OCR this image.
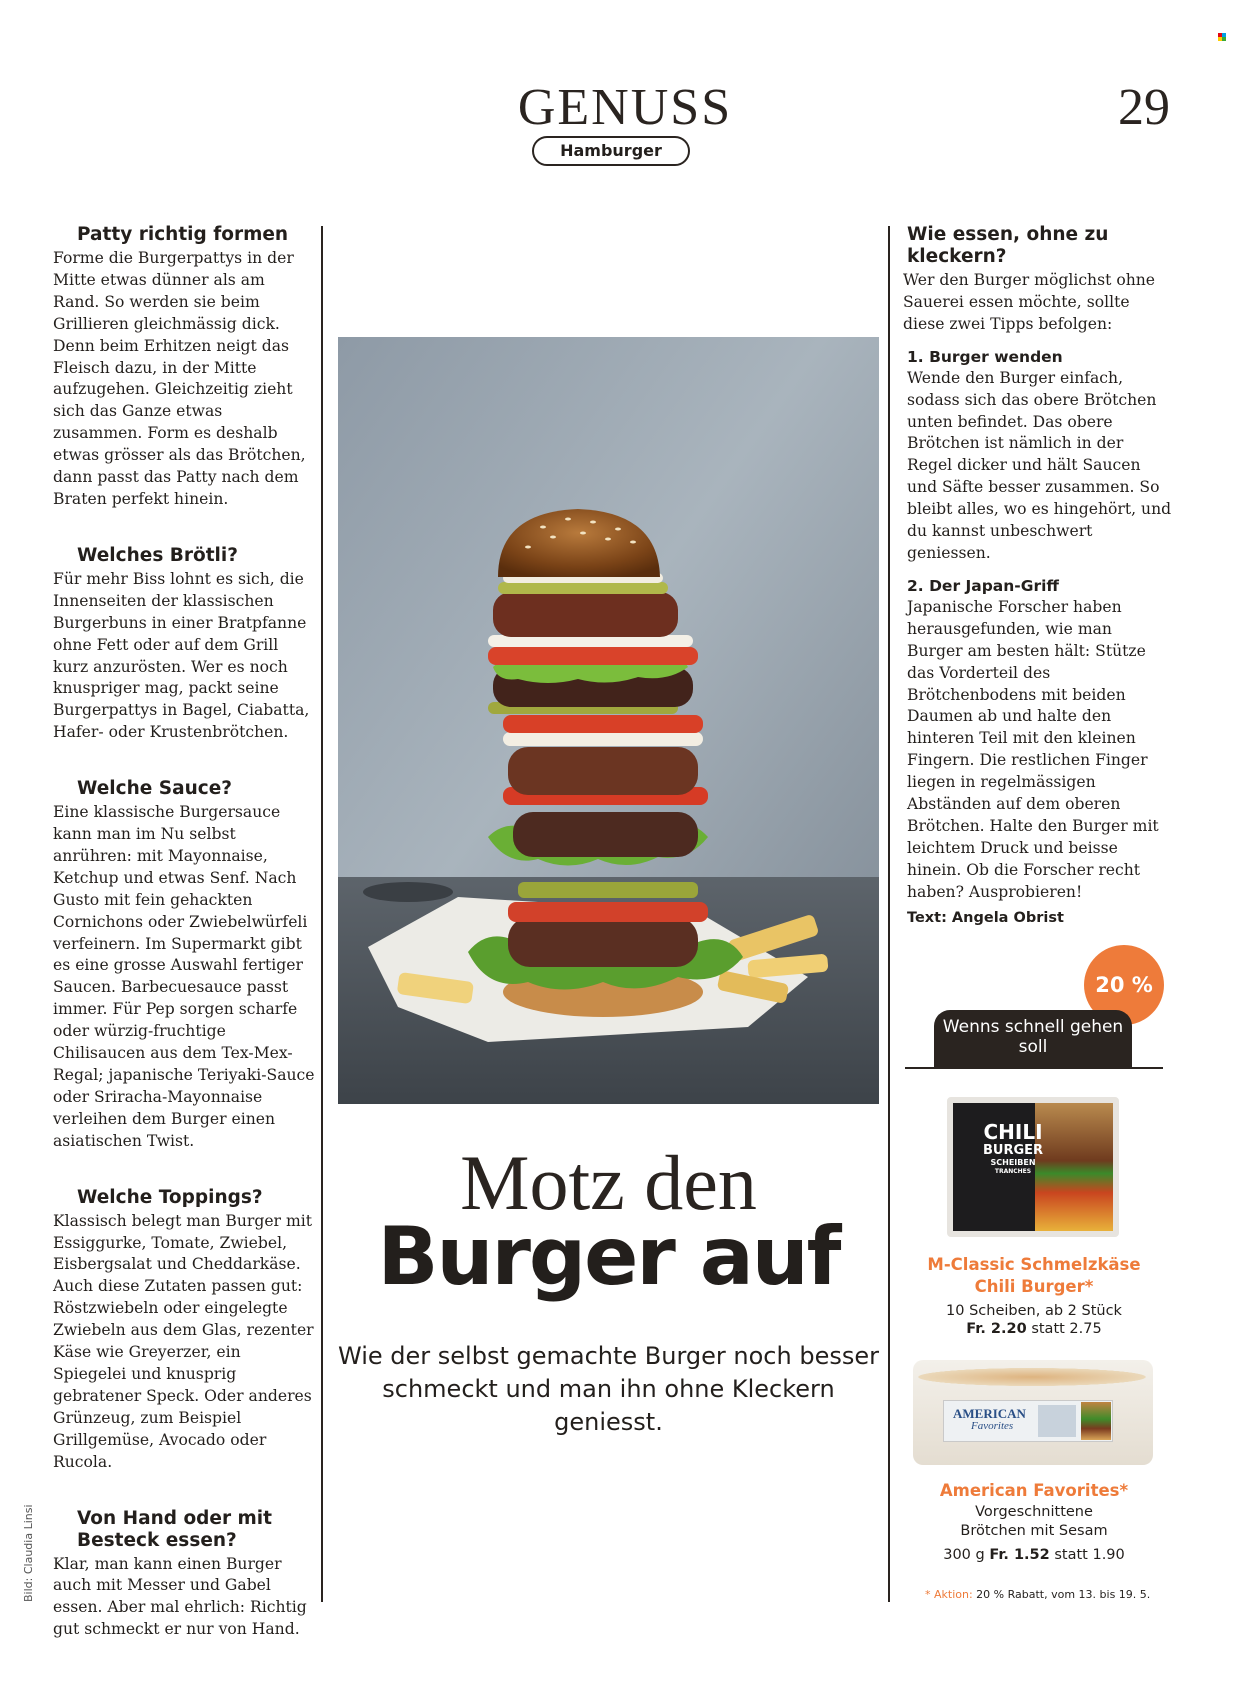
GENUSS
Hamburger
29
Patty richtig formen
Forme die Burgerpattys in der Mitte etwas dünner als am Rand. So werden sie beim Grillieren gleichmässig dick. Denn beim Erhitzen neigt das Fleisch dazu, in der Mitte aufzugehen. Gleichzeitig zieht sich das Ganze etwas zusammen. Form es deshalb etwas grösser als das Brötchen, dann passt das Patty nach dem Braten perfekt hinein.
Welches Brötli?
Für mehr Biss lohnt es sich, die Innenseiten der klassischen Burgerbuns in einer Bratpfanne ohne Fett oder auf dem Grill kurz anzurösten. Wer es noch knuspriger mag, packt seine Burgerpattys in Bagel, Ciabatta, Hafer- oder Krustenbrötchen.
Welche Sauce?
Eine klassische Burgersauce kann man im Nu selbst anrühren: mit Mayonnaise, Ketchup und etwas Senf. Nach Gusto mit fein gehackten Cornichons oder Zwiebelwürfeli verfeinern. Im Supermarkt gibt es eine grosse Auswahl fertiger Saucen. Barbecuesauce passt immer. Für Pep sorgen scharfe oder würzig-fruchtige Chilisaucen aus dem Tex-Mex-Regal; japanische Teriyaki-Sauce oder Sriracha-Mayonnaise verleihen dem Burger einen asiatischen Twist.
Welche Toppings?
Klassisch belegt man Burger mit Essiggurke, Tomate, Zwiebel, Eisbergsalat und Cheddarkäse. Auch diese Zutaten passen gut: Röstzwiebeln oder eingelegte Zwiebeln aus dem Glas, rezenter Käse wie Greyerzer, ein Spiegelei und knusprig gebratener Speck. Oder anderes Grünzeug, zum Beispiel Grillgemüse, Avocado oder Rucola.
Von Hand oder mit Besteck essen?
Klar, man kann einen Burger auch mit Messer und Gabel essen. Aber mal ehrlich: Richtig gut schmeckt er nur von Hand.
Motz den
Burger auf
Wie der selbst gemachte Burger noch besser schmeckt und man ihn ohne Kleckern geniesst.
Bild: Claudia Linsi
Wie essen, ohne zu kleckern?
Wer den Burger möglichst ohne Sauerei essen möchte, sollte diese zwei Tipps befolgen:
1. Burger wenden
Wende den Burger einfach, sodass sich das obere Brötchen unten befindet. Das obere Brötchen ist nämlich in der Regel dicker und hält Saucen und Säfte besser zusammen. So bleibt alles, wo es hingehört, und du kannst unbeschwert geniessen.
2. Der Japan-Griff
Japanische Forscher haben herausgefunden, wie man Burger am besten hält: Stütze das Vorderteil des Brötchenbodens mit beiden Daumen ab und halte den hinteren Teil mit den kleinen Fingern. Die restlichen Finger liegen in regelmässigen Abständen auf dem oberen Brötchen. Halte den Burger mit leichtem Druck und beisse hinein. Ob die Forscher recht haben? Ausprobieren!
Text: Angela Obrist
20 %
Wenns schnell gehen soll
CHILI
BURGER
SCHEIBEN
TRANCHES
M-Classic Schmelzkäse Chili Burger*
10 Scheiben, ab 2 Stück
Fr. 2.20 statt 2.75
AMERICAN
Favorites
American Favorites*
Vorgeschnittene Brötchen mit Sesam
300 g Fr. 1.52 statt 1.90
* Aktion: 20 % Rabatt, vom 13. bis 19. 5.
